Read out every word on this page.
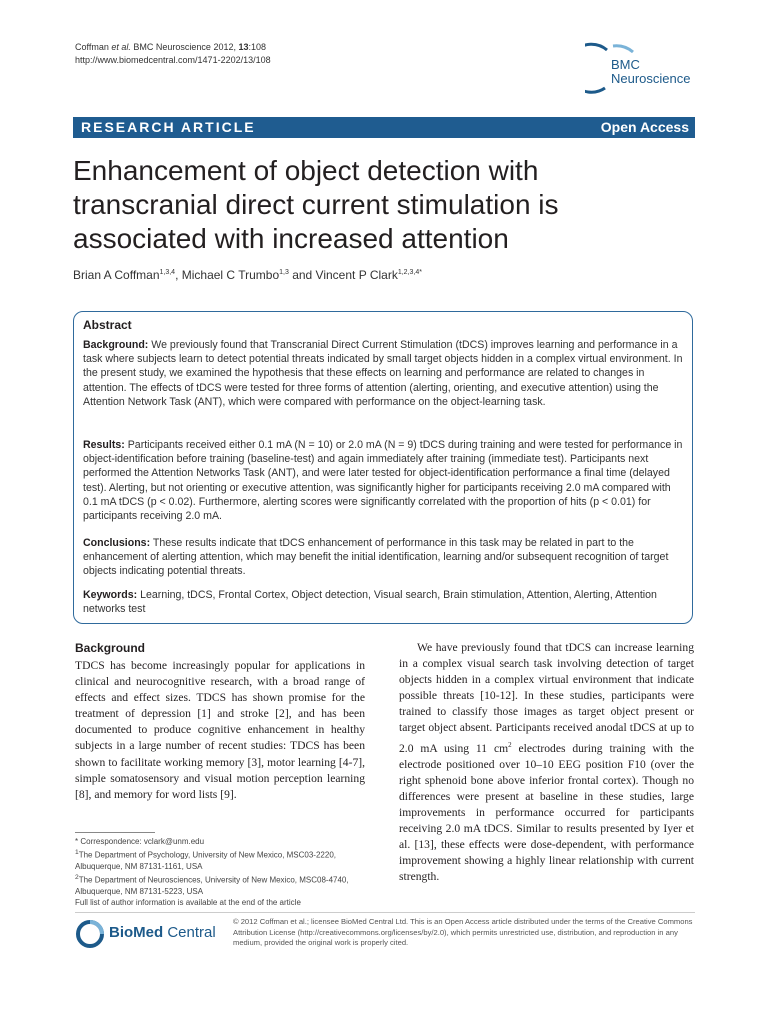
Coffman et al. BMC Neuroscience 2012, 13:108
http://www.biomedcentral.com/1471-2202/13/108	BMC
Neuroscience
RESEARCH ARTICLE	Open Access
Enhancement of object detection with transcranial direct current stimulation is associated with increased attention
Brian A Coffman$^{1,3,4}$, Michael C Trumbo$^{1,3}$ and Vincent P Clark$^{1,2,3,4*}$
Abstract
Background: We previously found that Transcranial Direct Current Stimulation (tDCS) improves learning and performance in a task where subjects learn to detect potential threats indicated by small target objects hidden in a complex virtual environment. In the present study, we examined the hypothesis that these effects on learning and performance are related to changes in attention. The effects of tDCS were tested for three forms of attention (alerting, orienting, and executive attention) using the Attention Network Task (ANT), which were compared with performance on the object-learning task.
Results: Participants received either 0.1 mA (N = 10) or 2.0 mA (N = 9) tDCS during training and were tested for performance in object-identification before training (baseline-test) and again immediately after training (immediate test). Participants next performed the Attention Networks Task (ANT), and were later tested for object-identification performance a final time (delayed test). Alerting, but not orienting or executive attention, was significantly higher for participants receiving 2.0 mA compared with 0.1 mA tDCS (p < 0.02). Furthermore, alerting scores were significantly correlated with the proportion of hits (p < 0.01) for participants receiving 2.0 mA.
Conclusions: These results indicate that tDCS enhancement of performance in this task may be related in part to the enhancement of alerting attention, which may benefit the initial identification, learning and/or subsequent recognition of target objects indicating potential threats.
Keywords: Learning, tDCS, Frontal Cortex, Object detection, Visual search, Brain stimulation, Attention, Alerting, Attention networks test
Background
TDCS has become increasingly popular for applications in clinical and neurocognitive research, with a broad range of effects and effect sizes. TDCS has shown promise for the treatment of depression [1] and stroke [2], and has been documented to produce cognitive enhancement in healthy subjects in a large number of recent studies: TDCS has been shown to facilitate working memory [3], motor learning [4-7], simple somatosensory and visual motion perception learning [8], and memory for word lists [9].
We have previously found that tDCS can increase learning in a complex visual search task involving detection of target objects hidden in a complex virtual environment that indicate possible threats [10-12]. In these studies, participants were trained to classify those images as target object present or target object absent. Participants received anodal tDCS at up to 2.0 mA using 11 $cm^2$ electrodes during training with the electrode positioned over 10–10 EEG position F10 (over the right sphenoid bone above inferior frontal cortex). Though no differences were present at baseline in these studies, large improvements in performance occurred for participants receiving 2.0 mA tDCS. Similar to results presented by Iyer et al. [13], these effects were dose-dependent, with performance improvement showing a highly linear relationship with current strength.
* Correspondence: vclark@unm.edu
$^1$The Department of Psychology, University of New Mexico, MSC03-2220, Albuquerque, NM 87131-1161, USA
$^2$The Department of Neurosciences, University of New Mexico, MSC08-4740, Albuquerque, NM 87131-5223, USA
Full list of author information is available at the end of the article
BioMed Central
© 2012 Coffman et al.; licensee BioMed Central Ltd. This is an Open Access article distributed under the terms of the Creative Commons Attribution License (http://creativecommons.org/licenses/by/2.0), which permits unrestricted use, distribution, and reproduction in any medium, provided the original work is properly cited.
